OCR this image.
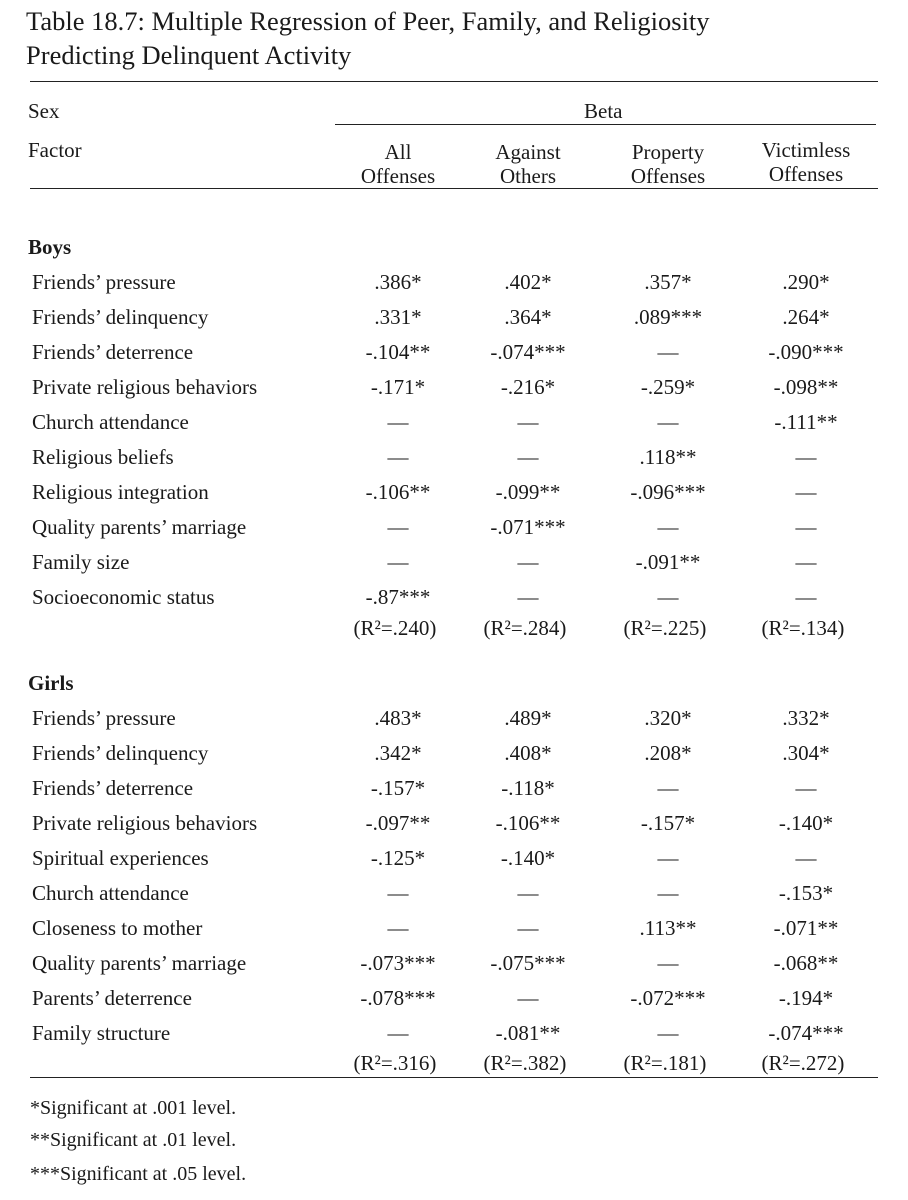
Table 18.7: Multiple Regression of Peer, Family, and Religiosity
Predicting Delinquent Activity
Sex	Beta
Factor	All
Offenses
Against
Others
Property
Offenses
Victimless
Offenses
Boys
Friends’ pressure	.386*	.402*	.357*	.290*
Friends’ delinquency	.331*	.364*	.089***	.264*
Friends’ deterrence	-.104**	-.074***	—	-.090***
Private religious behaviors	-.171*	-.216*	-.259*	-.098**
Church attendance	—	—	—	-.111**
Religious beliefs	—	—	.118**	—
Religious integration	-.106**	-.099**	-.096***	—
Quality parents’ marriage	—	-.071***	—	—
Family size	—	—	-.091**	—
Socioeconomic status	-.87***	—	—	—
(R²=.240)	(R²=.284)	(R²=.225)	(R²=.134)
Girls
Friends’ pressure	.483*	.489*	.320*	.332*
Friends’ delinquency	.342*	.408*	.208*	.304*
Friends’ deterrence	-.157*	-.118*	—	—
Private religious behaviors	-.097**	-.106**	-.157*	-.140*
Spiritual experiences	-.125*	-.140*	—	—
Church attendance	—	—	—	-.153*
Closeness to mother	—	—	.113**	-.071**
Quality parents’ marriage	-.073***	-.075***	—	-.068**
Parents’ deterrence	-.078***	—	-.072***	-.194*
Family structure	—	-.081**	—	-.074***
(R²=.316)	(R²=.382)	(R²=.181)	(R²=.272)
*Significant at .001 level.
**Significant at .01 level.
***Significant at .05 level.
